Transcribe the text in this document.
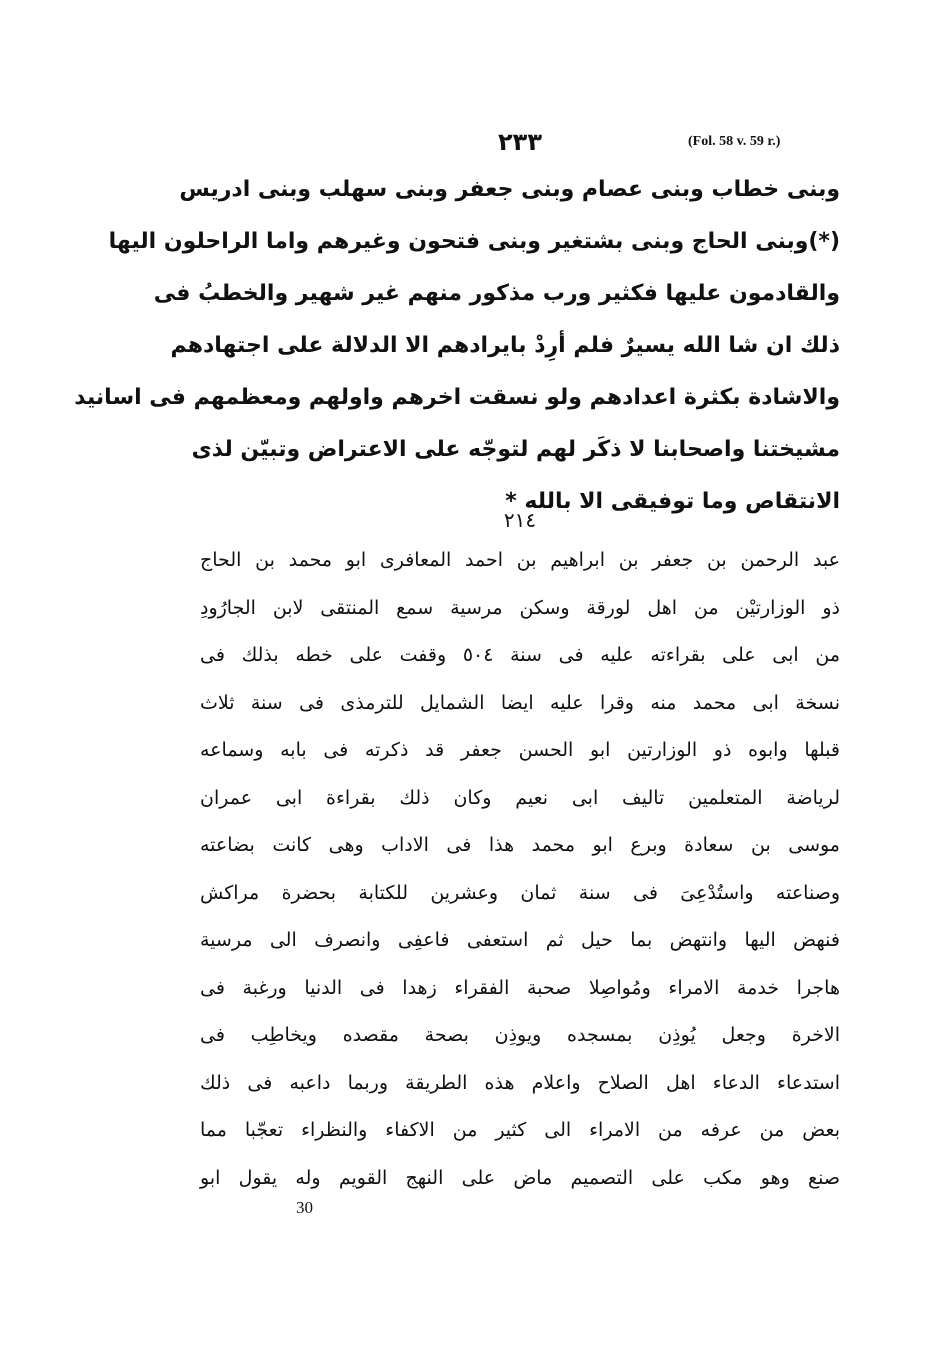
٢٣٣	(Fol. 58 v. 59 r.)
وبنى خطاب وبنى عصام وبنى جعفر وبنى سهلب وبنى ادريس
(*)وبنى الحاج وبنى بشتغير وبنى فتحون وغيرهم واما الراحلون اليها
والقادمون عليها فكثير ورب مذكور منهم غير شهير والخطبُ فى
ذلك ان شا الله يسيرٌ فلم أرِدْ بايرادهم الا الدلالة على اجتهادهم
والاشادة بكثرة اعدادهم ولو نسقت اخرهم واولهم ومعظمهم فى اسانيد
مشيختنا واصحابنا لا ذكَر لهم لتوجّه على الاعتراض وتبيّن لذى
الانتقاص وما توفيقى الا بالله *
٢١٤
عبد الرحمن بن جعفر بن ابراهيم بن احمد المعافرى ابو محمد بن الحاج
ذو الوزارتيْن من اهل لورقة وسكن مرسية سمع المنتقى لابن الجارُودِ
من ابى على بقراءته عليه فى سنة ٥٠٤ وقفت على خطه بذلك فى
نسخة ابى محمد منه وقرا عليه ايضا الشمايل للترمذى فى سنة ثلاث
قبلها وابوه ذو الوزارتين ابو الحسن جعفر قد ذكرته فى بابه وسماعه
لرياضة المتعلمين تاليف ابى نعيم وكان ذلك بقراءة ابى عمران
موسى بن سعادة وبرع ابو محمد هذا فى الاداب وهى كانت بضاعته
وصناعته واستُدْعِىَ فى سنة ثمان وعشرين للكتابة بحضرة مراكش
فنهض اليها وانتهض بما حيل ثم استعفى فاعفِى وانصرف الى مرسية
هاجرا خدمة الامراء ومُواصِلا صحبة الفقراء زهدا فى الدنيا ورغبة فى
الاخرة وجعل يُوذِن بمسجده ويوذِن بصحة مقصده ويخاطِب فى
استدعاء الدعاء اهل الصلاح واعلام هذه الطريقة وربما داعبه فى ذلك
بعض من عرفه من الامراء الى كثير من الاكفاء والنظراء تعجّبا مما
صنع وهو مكب على التصميم ماض على النهج القويم وله يقول ابو
30
